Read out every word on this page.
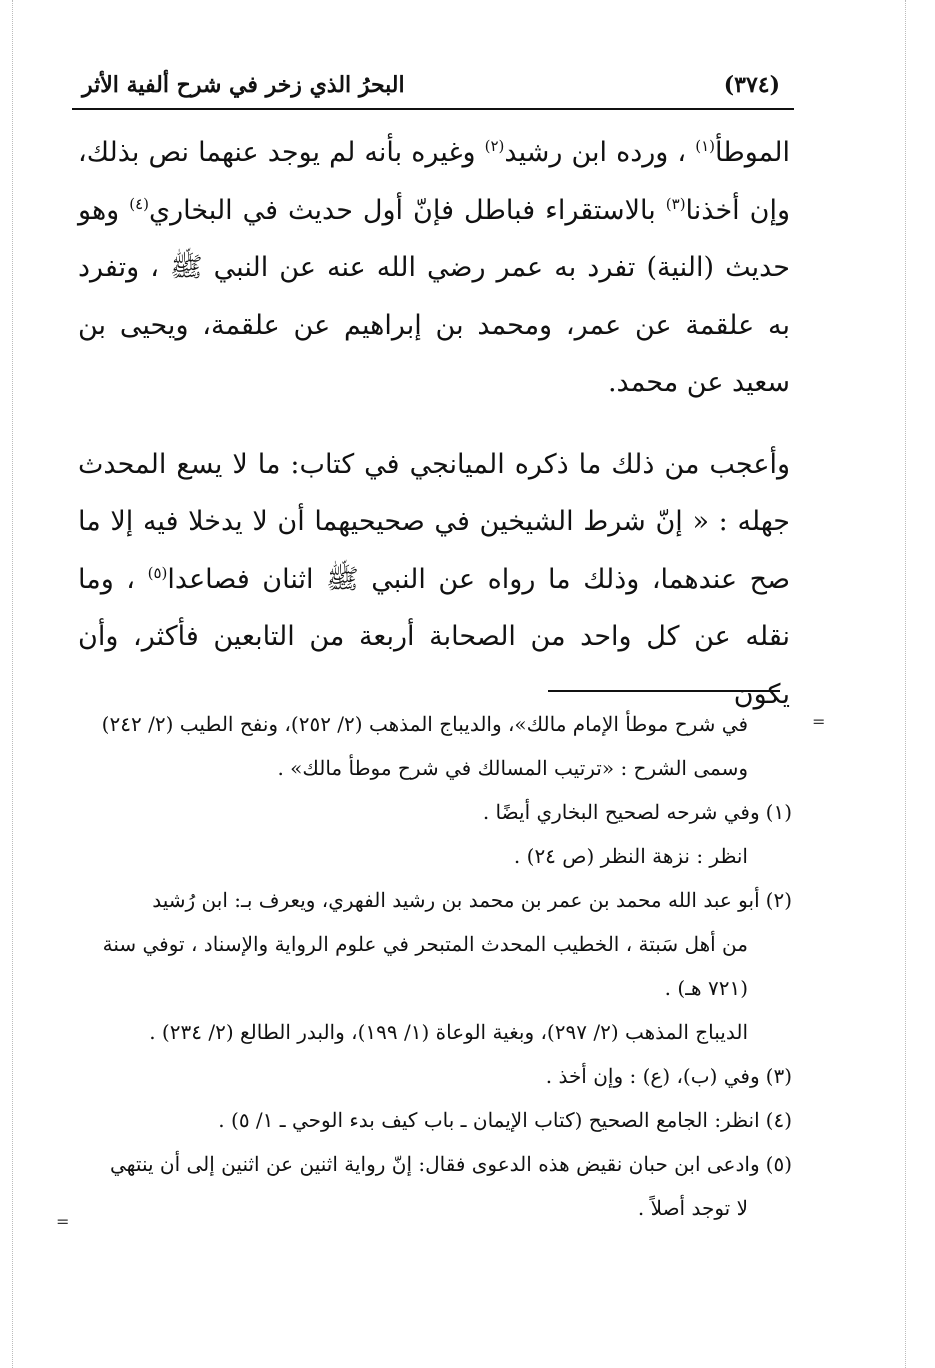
(٣٧٤)
البحرُ الذي زخر في شرح ألفية الأثر

الموطأ$^{(١)}$ ، ورده ابن رشيد$^{(٢)}$ وغيره بأنه لم يوجد عنهما نص بذلك، وإن أخذنا$^{(٣)}$ بالاستقراء فباطل فإنّ أول حديث في البخاري$^{(٤)}$ وهو حديث (النية) تفرد به عمر رضي الله عنه عن النبي ﷺ ، وتفرد به علقمة عن عمر، ومحمد بن إبراهيم عن علقمة، ويحيى بن سعيد عن محمد.

وأعجب من ذلك ما ذكره الميانجي في كتاب: ما لا يسع المحدث جهله : « إنّ شرط الشيخين في صحيحيهما أن لا يدخلا فيه إلا ما صح عندهما، وذلك ما رواه عن النبي ﷺ اثنان فصاعدا$^{(٥)}$ ، وما نقله عن كل واحد من الصحابة أربعة من التابعين فأكثر، وأن يكون

=
=

في شرح موطأ الإمام مالك»، والديباج المذهب (٢/ ٢٥٢)، ونفح الطيب (٢/ ٢٤٢)

وسمى الشرح : «ترتيب المسالك في شرح موطأ مالك» .

(١)وفي شرحه لصحيح البخاري أيضًا .

انظر : نزهة النظر (ص ٢٤) .

(٢)أبو عبد الله محمد بن عمر بن محمد بن رشيد الفهري، ويعرف بـ: ابن رُشيد

من أهل سَبتة ، الخطيب المحدث المتبحر في علوم الرواية والإسناد ، توفي سنة

(٧٢١ هـ) .

الديباج المذهب (٢/ ٢٩٧)، وبغية الوعاة (١/ ١٩٩)، والبدر الطالع (٢/ ٢٣٤) .

(٣)وفي (ب)، (ع) : وإن أخذ .

(٤)انظر: الجامع الصحيح (كتاب الإيمان ـ باب كيف بدء الوحي ـ ١/ ٥) .

(٥)وادعى ابن حبان نقيض هذه الدعوى فقال: إنّ رواية اثنين عن اثنين إلى أن ينتهي

لا توجد أصلاً .
